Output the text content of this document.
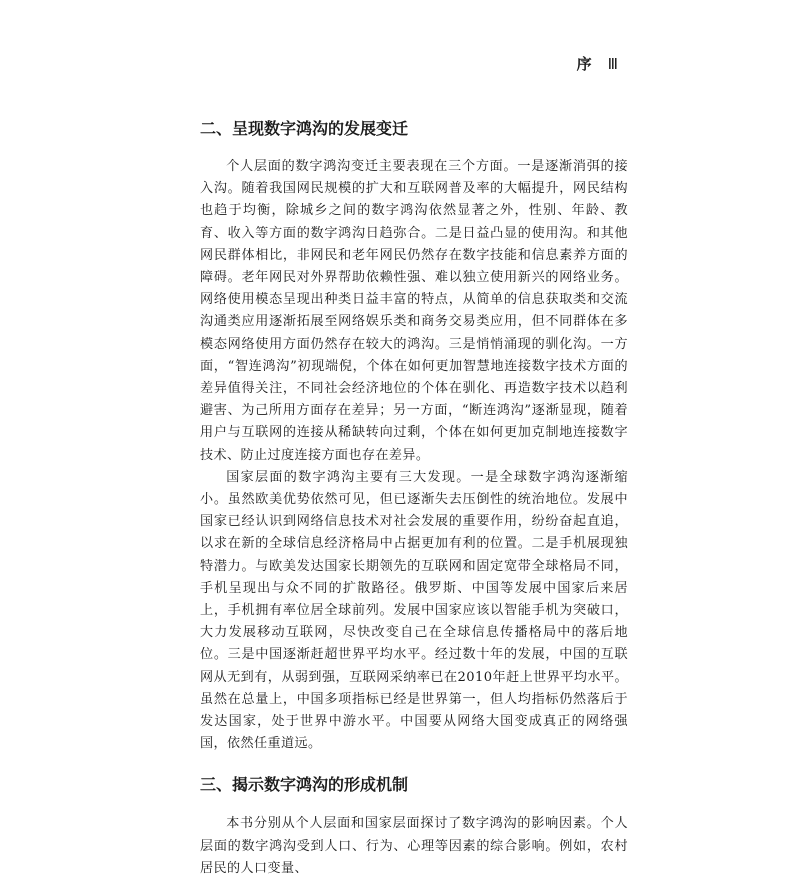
序 Ⅲ
二、呈现数字鸿沟的发展变迁

个人层面的数字鸿沟变迁主要表现在三个方面。一是逐渐消弭的接入沟。随着我国网民规模的扩大和互联网普及率的大幅提升，网民结构也趋于均衡，除城乡之间的数字鸿沟依然显著之外，性别、年龄、教育、收入等方面的数字鸿沟日趋弥合。二是日益凸显的使用沟。和其他网民群体相比，非网民和老年网民仍然存在数字技能和信息素养方面的障碍。老年网民对外界帮助依赖性强、难以独立使用新兴的网络业务。网络使用模态呈现出种类日益丰富的特点，从简单的信息获取类和交流沟通类应用逐渐拓展至网络娱乐类和商务交易类应用，但不同群体在多模态网络使用方面仍然存在较大的鸿沟。三是悄悄涌现的驯化沟。一方面，“智连鸿沟”初现端倪，个体在如何更加智慧地连接数字技术方面的差异值得关注，不同社会经济地位的个体在驯化、再造数字技术以趋利避害、为己所用方面存在差异；另一方面，“断连鸿沟”逐渐显现，随着用户与互联网的连接从稀缺转向过剩，个体在如何更加克制地连接数字技术、防止过度连接方面也存在差异。

国家层面的数字鸿沟主要有三大发现。一是全球数字鸿沟逐渐缩小。虽然欧美优势依然可见，但已逐渐失去压倒性的统治地位。发展中国家已经认识到网络信息技术对社会发展的重要作用，纷纷奋起直追，以求在新的全球信息经济格局中占据更加有利的位置。二是手机展现独特潜力。与欧美发达国家长期领先的互联网和固定宽带全球格局不同，手机呈现出与众不同的扩散路径。俄罗斯、中国等发展中国家后来居上，手机拥有率位居全球前列。发展中国家应该以智能手机为突破口，大力发展移动互联网，尽快改变自己在全球信息传播格局中的落后地位。三是中国逐渐赶超世界平均水平。经过数十年的发展，中国的互联网从无到有，从弱到强，互联网采纳率已在2010年赶上世界平均水平。虽然在总量上，中国多项指标已经是世界第一，但人均指标仍然落后于发达国家，处于世界中游水平。中国要从网络大国变成真正的网络强国，依然任重道远。

三、揭示数字鸿沟的形成机制

本书分别从个人层面和国家层面探讨了数字鸿沟的影响因素。个人层面的数字鸿沟受到人口、行为、心理等因素的综合影响。例如，农村居民的人口变量、
